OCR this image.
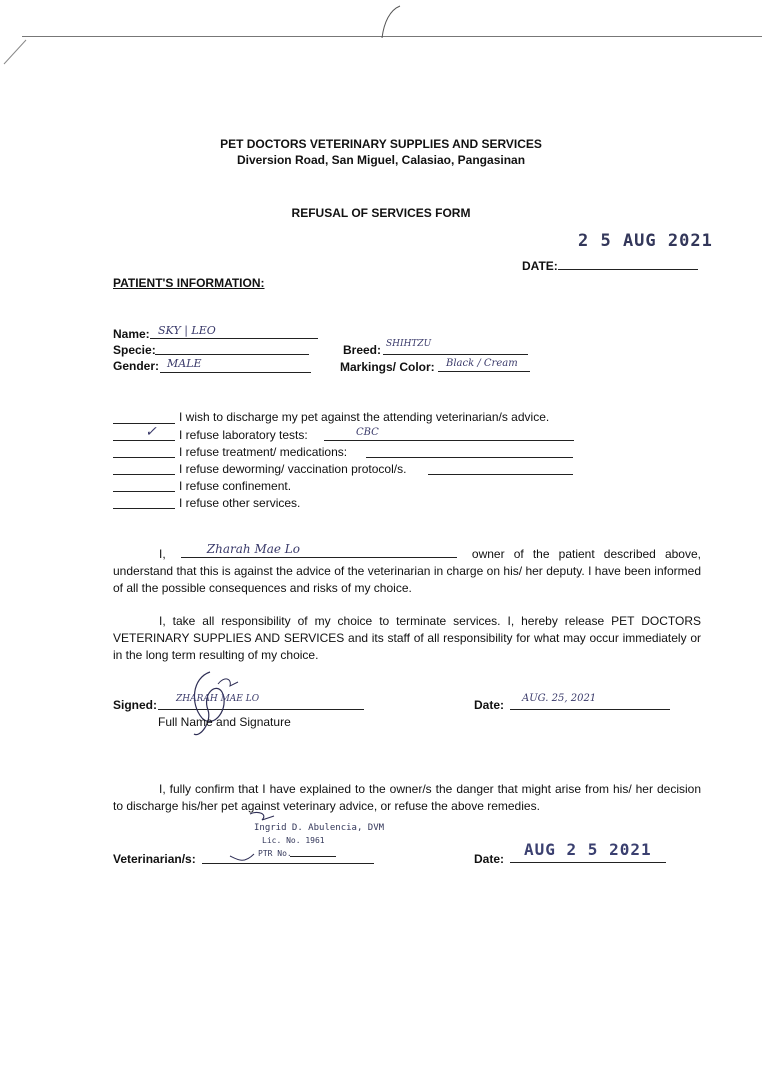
PET DOCTORS VETERINARY SUPPLIES AND SERVICES
Diversion Road, San Miguel, Calasiao, Pangasinan
REFUSAL OF SERVICES FORM
2 5 AUG 2021
DATE:
PATIENT'S INFORMATION:
Name: SKY | LEO
Specie:
Gender: MALE
Breed: SHIHTZU
Markings/ Color: Black / Cream
I wish to discharge my pet against the attending veterinarian/s advice.
✓ I refuse laboratory tests:	CBC
I refuse treatment/ medications:
I refuse deworming/ vaccination protocol/s.
I refuse confinement.
I refuse other services.
I,	Zharah Mae Lo	owner of the patient described above, understand that this is against the advice of the veterinarian in charge on his/ her deputy. I have been informed of all the possible consequences and risks of my choice.
I, take all responsibility of my choice to terminate services. I, hereby release PET DOCTORS VETERINARY SUPPLIES AND SERVICES and its staff of all responsibility for what may occur immediately or in the long term resulting of my choice.
Signed: ZHARAH MAE LO
Full Name and Signature
Date: AUG. 25, 2021
I, fully confirm that I have explained to the owner/s the danger that might arise from his/ her decision to discharge his/her pet against veterinary advice, or refuse the above remedies.
Veterinarian/s:
Ingrid D. Abulencia, DVM
Lic. No. 1961
PTR No.	Date: AUG 2 5 2021
